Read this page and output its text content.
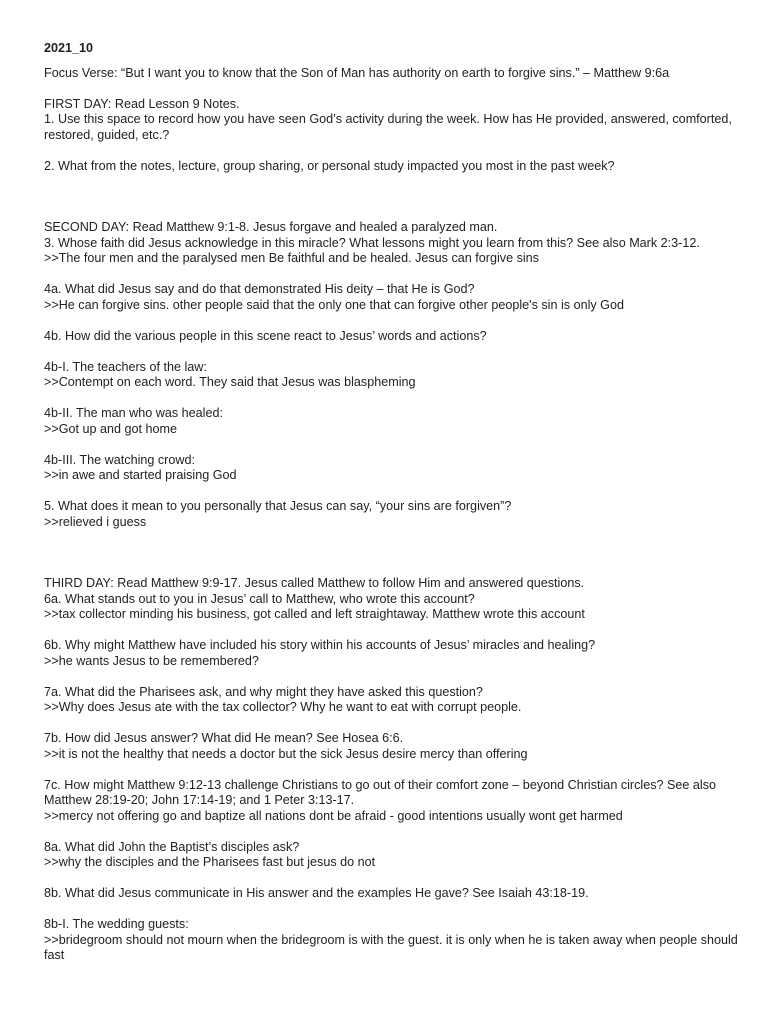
2021_10
Focus Verse: “But I want you to know that the Son of Man has authority on earth to forgive sins.” – Matthew 9:6a
FIRST DAY: Read Lesson 9 Notes.
1. Use this space to record how you have seen God’s activity during the week. How has He provided, answered, comforted, restored, guided, etc.?
2. What from the notes, lecture, group sharing, or personal study impacted you most in the past week?
SECOND DAY: Read Matthew 9:1-8. Jesus forgave and healed a paralyzed man.
3. Whose faith did Jesus acknowledge in this miracle? What lessons might you learn from this? See also Mark 2:3-12.
>>The four men and the paralysed men Be faithful and be healed. Jesus can forgive sins
4a. What did Jesus say and do that demonstrated His deity – that He is God?
>>He can forgive sins. other people said that the only one that can forgive other people's sin is only God
4b. How did the various people in this scene react to Jesus’ words and actions?
4b-I. The teachers of the law:
>>Contempt on each word. They said that Jesus was blaspheming
4b-II. The man who was healed:
>>Got up and got home
4b-III. The watching crowd:
>>in awe and started praising God
5. What does it mean to you personally that Jesus can say, “your sins are forgiven”?
>>relieved i guess
THIRD DAY: Read Matthew 9:9-17. Jesus called Matthew to follow Him and answered questions.
6a. What stands out to you in Jesus’ call to Matthew, who wrote this account?
>>tax collector minding his business, got called and left straightaway. Matthew wrote this account
6b. Why might Matthew have included his story within his accounts of Jesus’ miracles and healing?
>>he wants Jesus to be remembered?
7a. What did the Pharisees ask, and why might they have asked this question?
>>Why does Jesus ate with the tax collector? Why he want to eat with corrupt people.
7b. How did Jesus answer? What did He mean? See Hosea 6:6.
>>it is not the healthy that needs a doctor but the sick Jesus desire mercy than offering
7c. How might Matthew 9:12-13 challenge Christians to go out of their comfort zone – beyond Christian circles? See also Matthew 28:19-20; John 17:14-19; and 1 Peter 3:13-17.
>>mercy not offering go and baptize all nations dont be afraid - good intentions usually wont get harmed
8a. What did John the Baptist’s disciples ask?
>>why the disciples and the Pharisees fast but jesus do not
8b. What did Jesus communicate in His answer and the examples He gave? See Isaiah 43:18-19.
8b-I. The wedding guests:
>>bridegroom should not mourn when the bridegroom is with the guest. it is only when he is taken away when people should fast
